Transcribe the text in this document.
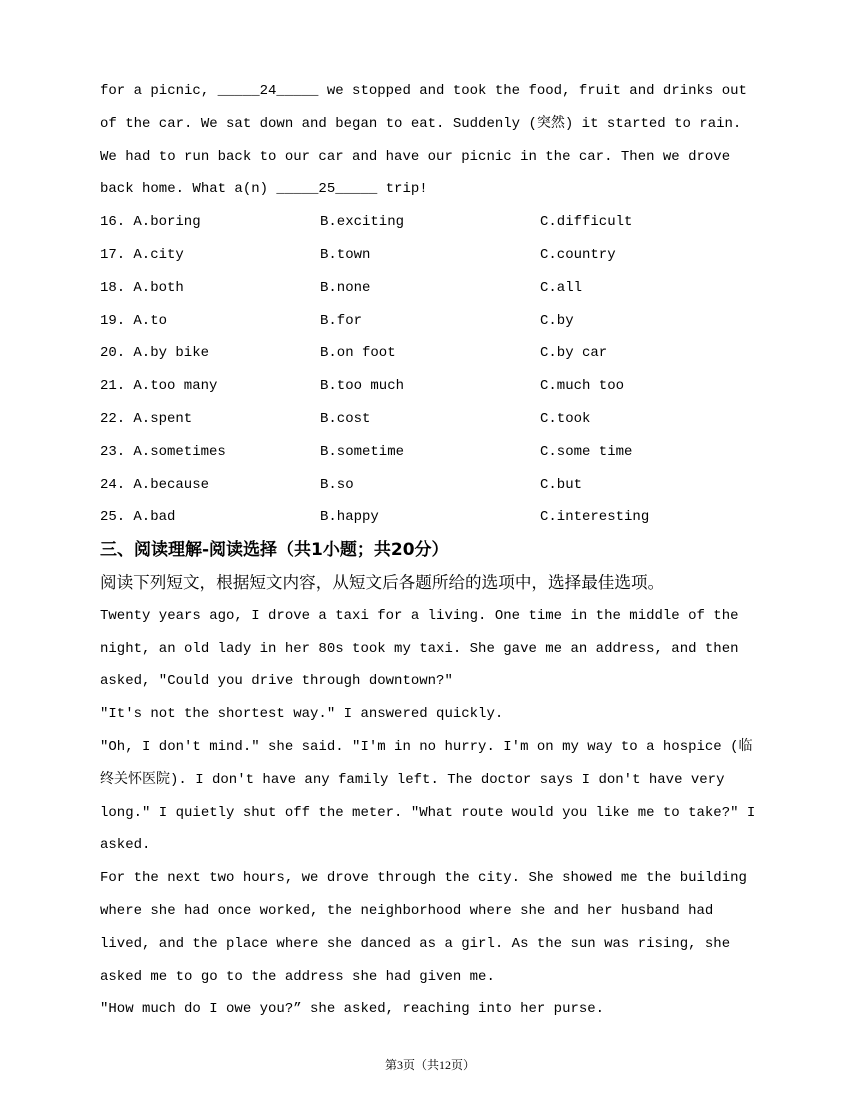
for a picnic, _____24_____ we stopped and took the food, fruit and drinks out
of the car. We sat down and began to eat. Suddenly (突然) it started to rain.
We had to run back to our car and have our picnic in the car. Then we drove
back home. What a(n) _____25_____ trip!

16.

A.boring

	B.exciting

	C.difficult

17.

A.city

	B.town

	C.country

18.

A.both

	B.none

	C.all

19.

A.to

	B.for

	C.by

20.

A.by bike

	B.on foot

	C.by car

21.

A.too many

	B.too much

	C.much too

22.

A.spent

	B.cost

	C.took

23.

A.sometimes

	B.sometime

	C.some time

24.

A.because

	B.so

	C.but

25.

A.bad

	B.happy

	C.interesting

三、阅读理解-阅读选择（共1小题；共20分）
阅读下列短文，根据短文内容，从短文后各题所给的选项中，选择最佳选项。
Twenty years ago, I drove a taxi for a living. One time in the middle of the
night, an old lady in her 80s took my taxi. She gave me an address, and then
asked, "Could you drive through downtown?"
"It's not the shortest way." I answered quickly.
"Oh, I don't mind." she said. "I'm in no hurry. I'm on my way to a hospice (临
终关怀医院). I don't have any family left. The doctor says I don't have very
long." I quietly shut off the meter. "What route would you like me to take?" I
asked.
For the next two hours, we drove through the city. She showed me the building
where she had once worked, the neighborhood where she and her husband had
lived, and the place where she danced as a girl. As the sun was rising, she
asked me to go to the address she had given me.
"How much do I owe you?” she asked, reaching into her purse.
第3页（共12页）
